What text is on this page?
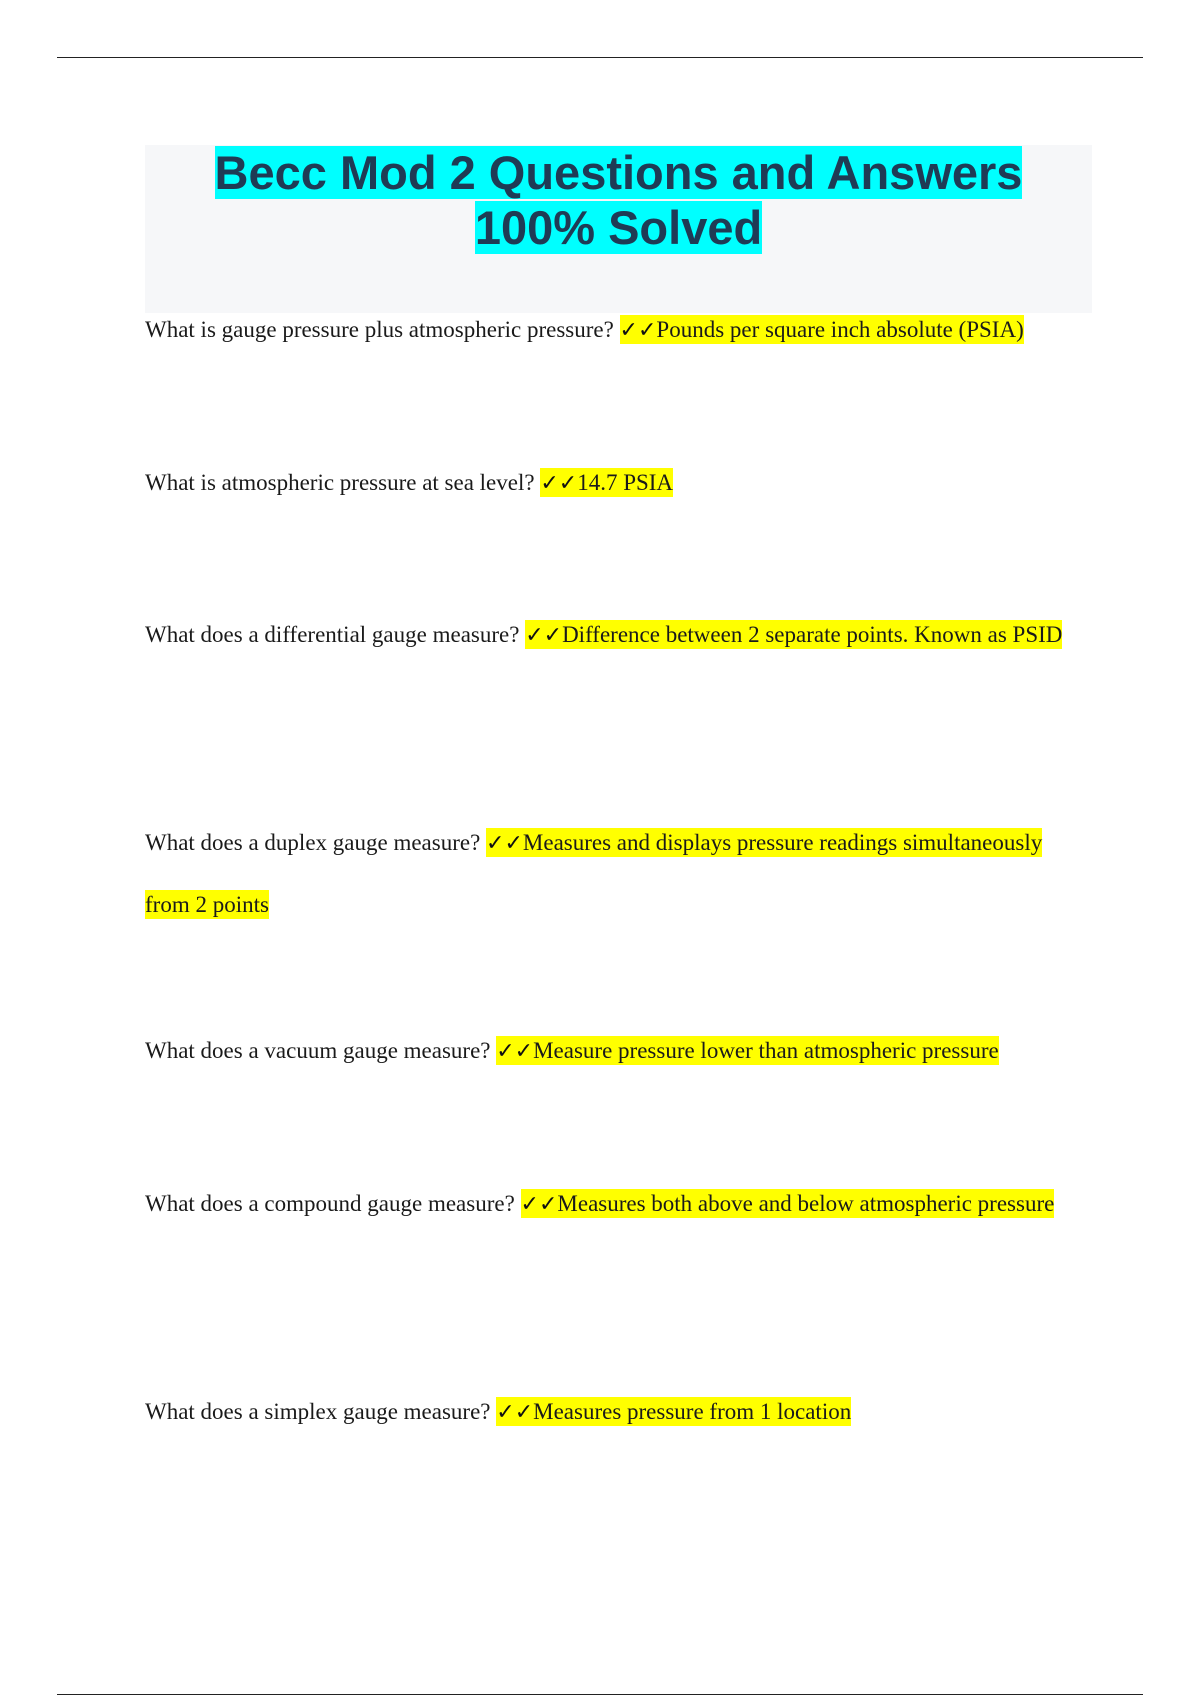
Becc Mod 2 Questions and Answers 100% Solved

What is gauge pressure plus atmospheric pressure? ✓✓Pounds per square inch absolute (PSIA)

What is atmospheric pressure at sea level? ✓✓14.7 PSIA

What does a differential gauge measure? ✓✓Difference between 2 separate points. Known as PSID

What does a duplex gauge measure? ✓✓Measures and displays pressure readings simultaneously from 2 points

What does a vacuum gauge measure? ✓✓Measure pressure lower than atmospheric pressure

What does a compound gauge measure? ✓✓Measures both above and below atmospheric pressure

What does a simplex gauge measure? ✓✓Measures pressure from 1 location
